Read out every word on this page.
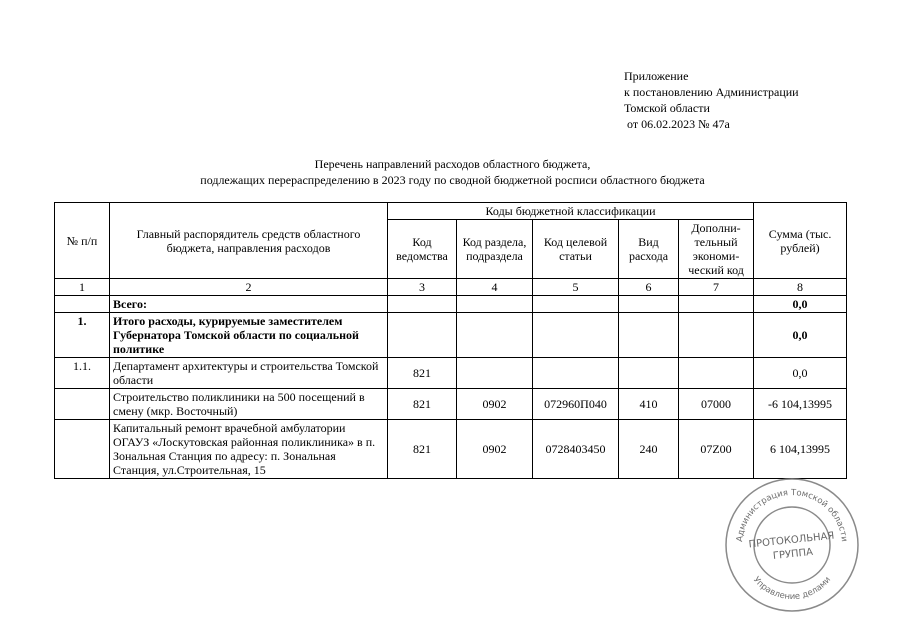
Приложение
к постановлению Администрации
Томской области
от 06.02.2023 № 47а
Перечень направлений расходов областного бюджета,
подлежащих перераспределению в 2023 году по сводной бюджетной росписи областного бюджета
№ п/п	Главный распорядитель средств областного бюджета, направления расходов	Коды бюджетной классификации					Сумма (тыс. рублей)
		Код ведомства	Код раздела, подраздела	Код целевой статьи	Вид расхода	Дополни-тельный экономи-ческий код	
1	2	3	4	5	6	7	8
	Всего:						0,0
1.	Итого расходы, курируемые заместителем Губернатора Томской области по социальной политике						0,0
1.1.	Департамент архитектуры и строительства Томской области	821					0,0
	Строительство поликлиники на 500 посещений в смену (мкр. Восточный)	821	0902	072960П040	410	07000	-6 104,13995
	Капитальный ремонт врачебной амбулатории ОГАУЗ «Лоскутовская районная поликлиника» в п. Зональная Станция по адресу: п. Зональная Станция, ул.Строительная, 15	821	0902	0728403450	240	07Z00	6 104,13995
Администрация Томской области
Управление делами
ПРОТОКОЛЬНАЯ
ГРУППА
